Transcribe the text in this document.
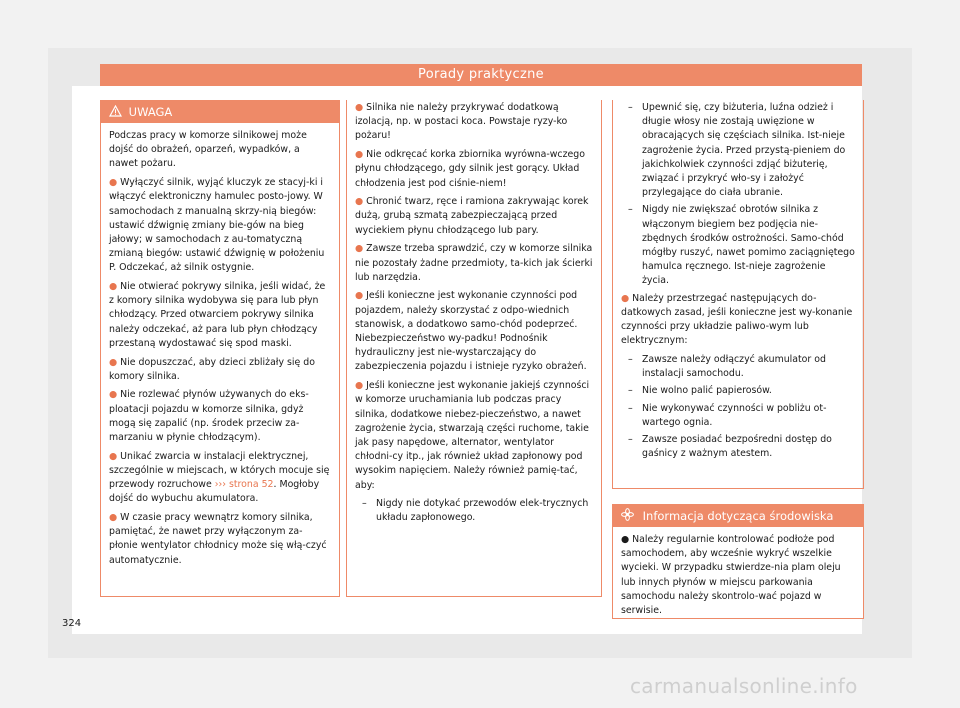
Porady praktyczne
UWAGA

Podczas pracy w komorze silnikowej może dojść do obrażeń, oparzeń, wypadków, a nawet pożaru.

● Wyłączyć silnik, wyjąć kluczyk ze stacyj-ki i włączyć elektroniczny hamulec posto-jowy. W samochodach z manualną skrzy-nią biegów: ustawić dźwignię zmiany bie-gów na bieg jałowy; w samochodach z au-tomatyczną zmianą biegów: ustawić dźwignię w położeniu P. Odczekać, aż silnik ostygnie.

● Nie otwierać pokrywy silnika, jeśli widać, że z komory silnika wydobywa się para lub płyn chłodzący. Przed otwarciem pokrywy silnika należy odczekać, aż para lub płyn chłodzący przestaną wydostawać się spod maski.

● Nie dopuszczać, aby dzieci zbliżały się do komory silnika.

● Nie rozlewać płynów używanych do eks-ploatacji pojazdu w komorze silnika, gdyż mogą się zapalić (np. środek przeciw za-marzaniu w płynie chłodzącym).

● Unikać zwarcia w instalacji elektrycznej, szczególnie w miejscach, w których mocuje się przewody rozruchowe ››› strona 52. Mogłoby dojść do wybuchu akumulatora.

● W czasie pracy wewnątrz komory silnika, pamiętać, że nawet przy wyłączonym za-płonie wentylator chłodnicy może się włą-czyć automatycznie.

● Silnika nie należy przykrywać dodatkową izolacją, np. w postaci koca. Powstaje ryzy-ko pożaru!

● Nie odkręcać korka zbiornika wyrówna-wczego płynu chłodzącego, gdy silnik jest gorący. Układ chłodzenia jest pod ciśnie-niem!

● Chronić twarz, ręce i ramiona zakrywając korek dużą, grubą szmatą zabezpieczającą przed wyciekiem płynu chłodzącego lub pary.

● Zawsze trzeba sprawdzić, czy w komorze silnika nie pozostały żadne przedmioty, ta-kich jak ścierki lub narzędzia.

● Jeśli konieczne jest wykonanie czynności pod pojazdem, należy skorzystać z odpo-wiednich stanowisk, a dodatkowo samo-chód podeprzeć. Niebezpieczeństwo wy-padku! Podnośnik hydrauliczny jest nie-wystarczający do zabezpieczenia pojazdu i istnieje ryzyko obrażeń.

● Jeśli konieczne jest wykonanie jakiejś czynności w komorze uruchamiania lub podczas pracy silnika, dodatkowe niebez-pieczeństwo, a nawet zagrożenie życia, stwarzają części ruchome, takie jak pasy napędowe, alternator, wentylator chłodni-cy itp., jak również układ zapłonowy pod wysokim napięciem. Należy również pamię-tać, aby:

– Nigdy nie dotykać przewodów elek-trycznych układu zapłonowego.
– Upewnić się, czy biżuteria, luźna odzież i długie włosy nie zostają uwięzione w obracających się częściach silnika. Ist-nieje zagrożenie życia. Przed przystą-pieniem do jakichkolwiek czynności zdjąć biżuterię, związać i przykryć wło-sy i założyć przylegające do ciała ubranie.
– Nigdy nie zwiększać obrotów silnika z włączonym biegiem bez podjęcia nie-zbędnych środków ostrożności. Samo-chód mógłby ruszyć, nawet pomimo zaciągniętego hamulca ręcznego. Ist-nieje zagrożenie życia.

● Należy przestrzegać następujących do-datkowych zasad, jeśli konieczne jest wy-konanie czynności przy układzie paliwo-wym lub elektrycznym:

– Zawsze należy odłączyć akumulator od instalacji samochodu.
– Nie wolno palić papierosów.
– Nie wykonywać czynności w pobliżu ot-wartego ognia.
– Zawsze posiadać bezpośredni dostęp do gaśnicy z ważnym atestem.
Informacja dotycząca środowiska

● Należy regularnie kontrolować podłoże pod samochodem, aby wcześnie wykryć wszelkie wycieki. W przypadku stwierdze-nia plam oleju lub innych płynów w miejscu parkowania samochodu należy skontrolo-wać pojazd w serwisie.

324
carmanualsonline.info
